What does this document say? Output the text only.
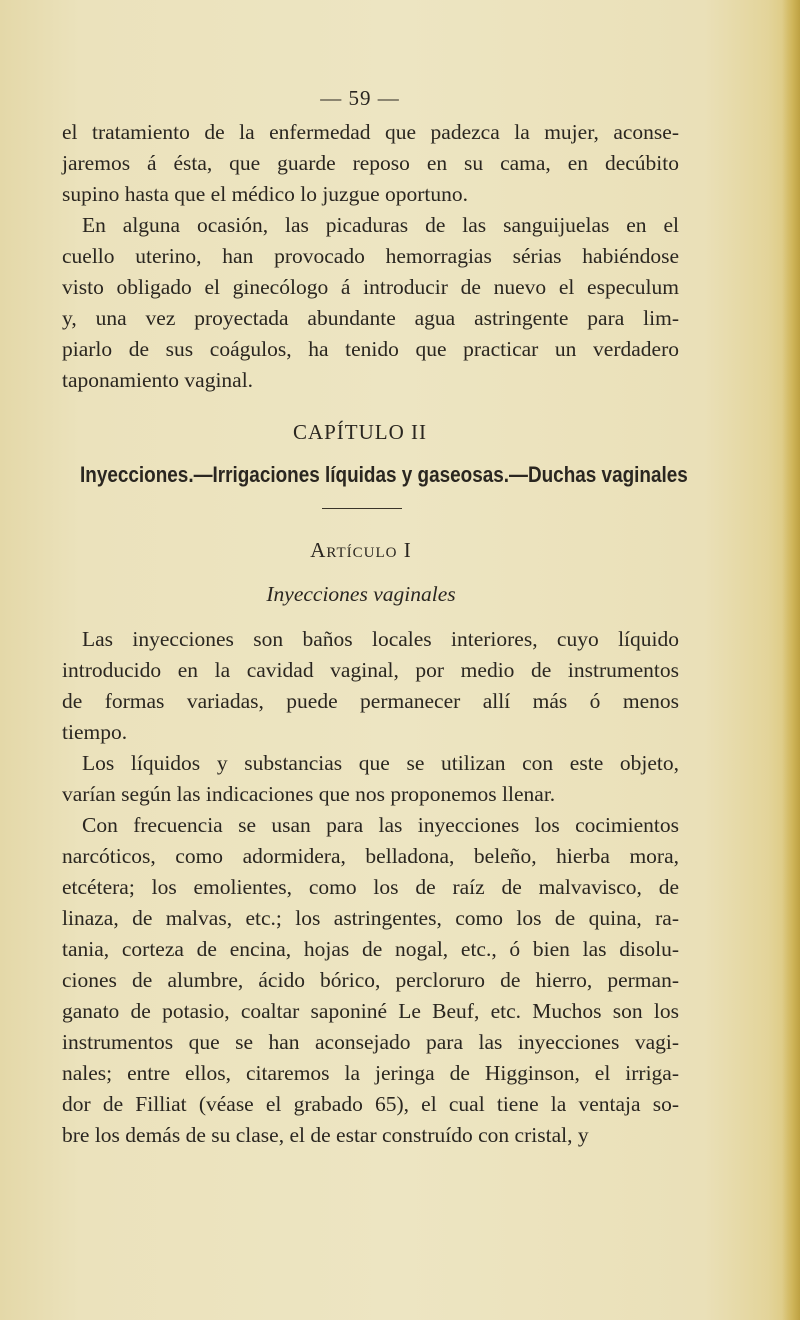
— 59 —
el tratamiento de la enfermedad que padezca la mujer, aconse-
jaremos á ésta, que guarde reposo en su cama, en decúbito
supino hasta que el médico lo juzgue oportuno.
En alguna ocasión, las picaduras de las sanguijuelas en el
cuello uterino, han provocado hemorragias sérias habiéndose
visto obligado el ginecólogo á introducir de nuevo el especulum
y, una vez proyectada abundante agua astringente para lim-
piarlo de sus coágulos, ha tenido que practicar un verdadero
taponamiento vaginal.
CAPÍTULO II
Inyecciones.—Irrigaciones líquidas y gaseosas.—Duchas vaginales
Artículo I
Inyecciones vaginales
Las inyecciones son baños locales interiores, cuyo líquido
introducido en la cavidad vaginal, por medio de instrumentos
de formas variadas, puede permanecer allí más ó menos
tiempo.
Los líquidos y substancias que se utilizan con este objeto,
varían según las indicaciones que nos proponemos llenar.
Con frecuencia se usan para las inyecciones los cocimientos
narcóticos, como adormidera, belladona, beleño, hierba mora,
etcétera; los emolientes, como los de raíz de malvavisco, de
linaza, de malvas, etc.; los astringentes, como los de quina, ra-
tania, corteza de encina, hojas de nogal, etc., ó bien las disolu-
ciones de alumbre, ácido bórico, percloruro de hierro, perman-
ganato de potasio, coaltar saponiné Le Beuf, etc. Muchos son los
instrumentos que se han aconsejado para las inyecciones vagi-
nales; entre ellos, citaremos la jeringa de Higginson, el irriga-
dor de Filliat (véase el grabado 65), el cual tiene la ventaja so-
bre los demás de su clase, el de estar construído con cristal, y
